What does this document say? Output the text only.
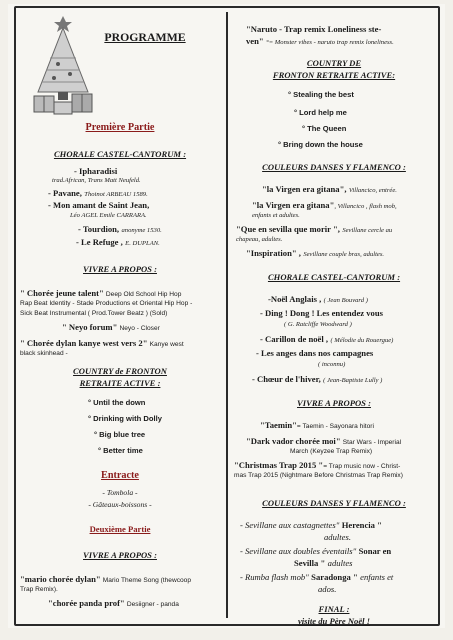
PROGRAMME
Première Partie
CHORALE CASTEL-CANTORUM :
- Ipharadisi
trad.African, Trans Matt Neufeld.
- Pavane, Thoinot ARBEAU 1589.
- Mon amant de Saint Jean,
Léo AGEL Emile CARRARA.
- Tourdion, anonyme 1530.
- Le Refuge , E. DUPLAN.
VIVRE A PROPOS :
" Chorée jeune talent" Deep Old School Hip Hop
Rap Beat Identity - Stade Productions et Oriental Hip Hop -
Sick Beat Instrumental ( Prod.Tower Beatz ) (Sold)
" Neyo forum" Neyo - Closer
" Chorée dylan kanye west vers 2" Kanye west
black skinhead -
COUNTRY de FRONTON
RETRAITE ACTIVE :
° Until the down
° Drinking with Dolly
° Big blue tree
° Better time
Entracte
- Tombola -
- Gâteaux-boissons -
Deuxième Partie
VIVRE A PROPOS :
"mario chorée dylan" Mario Theme Song (thewcoop
Trap Remix).
"chorée panda prof" Desiigner - panda
"Naruto - Trap remix Loneliness ste-
ven" °= Monster vibes - naruto trap remix loneliness.
COUNTRY DE
FRONTON RETRAITE ACTIVE:
° Stealing the best
° Lord help me
° The Queen
° Bring down the house
COULEURS DANSES Y FLAMENCO :
"la Virgen era gitana", Villancico, entrée.
"la Virgen era gitana", Villancico , flash mob,
enfants et adultes.
"Que en sevilla que morir ", Sevillane cercle au
chapeau, adultes.
"Inspiration" , Sevillane couple bras, adultes.
CHORALE CASTEL-CANTORUM :
-Noël Anglais , ( Jean Bouvard )
- Ding ! Dong ! Les entendez vous
( G. Ratcliffe Woodward )
- Carillon de noël , ( Mélodie du Rouergue)
- Les anges dans nos campagnes
( inconnu)
- Chœur de l'hiver, ( Jean-Baptiste Lully )
VIVRE A PROPOS :
"Taemin"= Taemin - Sayonara hitori
"Dark vador chorée moi" Star Wars - Imperial
March (Keyzee Trap Remix)
"Christmas Trap 2015 "= Trap music now - Christ-
mas Trap 2015 (Nightmare Before Christmas Trap Remix)
COULEURS DANSES Y FLAMENCO :
- Sevillane aux castagnettes" Herencia "
adultes.
- Sevillane aux doubles éventails" Sonar en
Sevilla " adultes
- Rumba flash mob" Saradonga " enfants et
ados.
FINAL :
visite du Père Noël !
